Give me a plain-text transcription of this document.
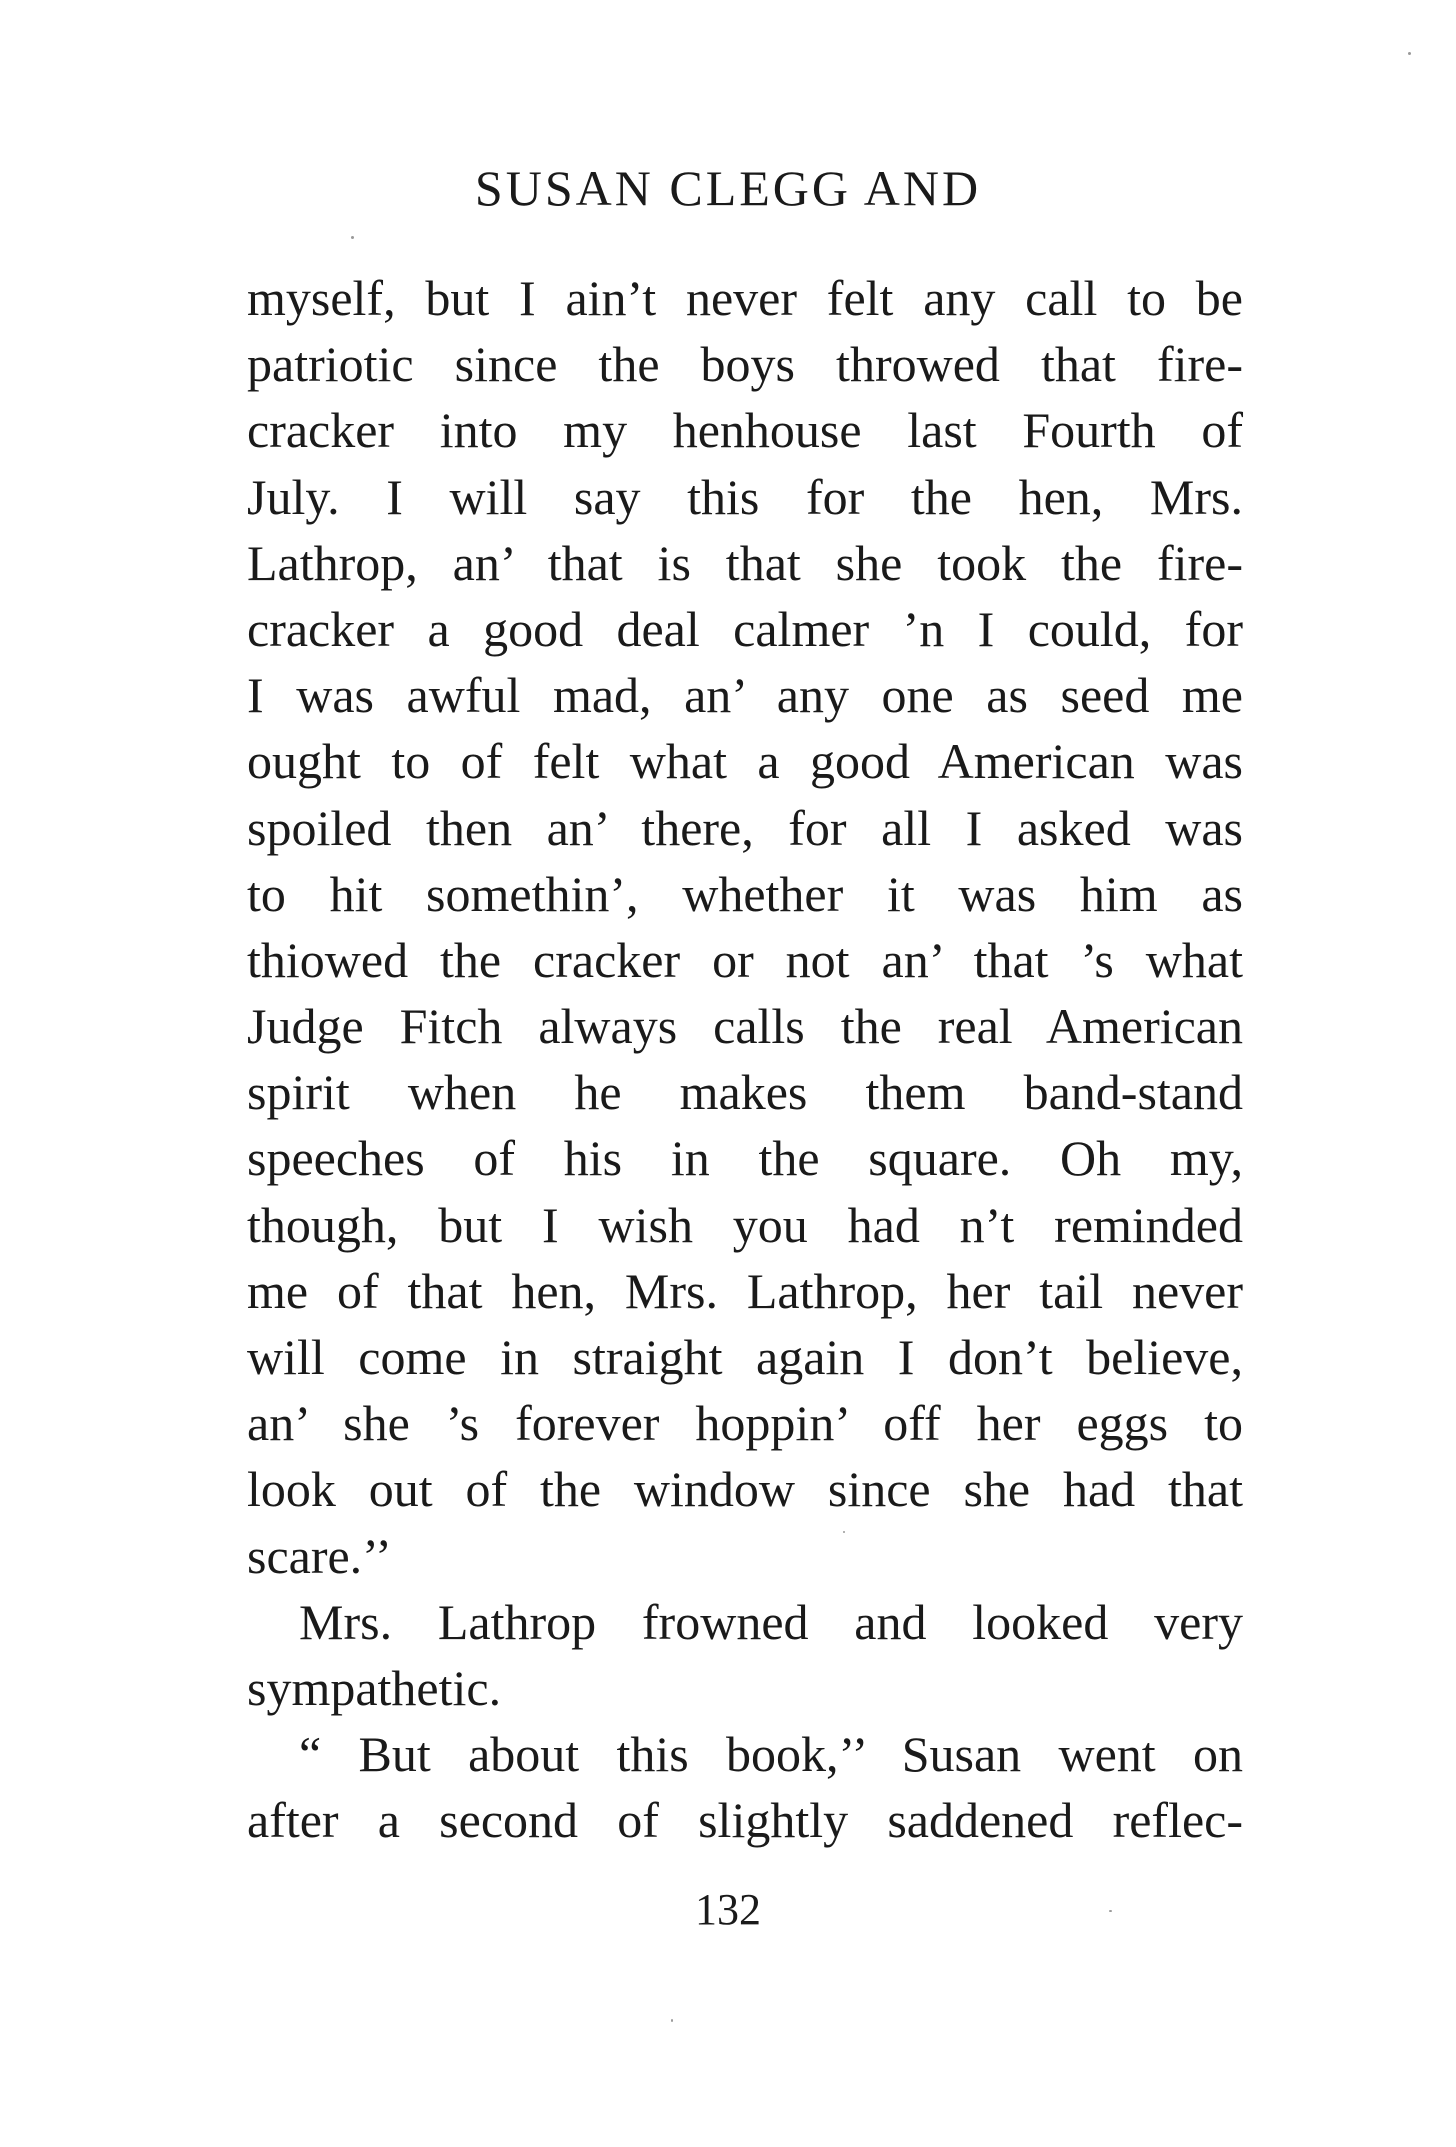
SUSAN CLEGG AND

myself, but I ain’t never felt any call to be
patriotic since the boys throwed that fire-
cracker into my henhouse last Fourth of
July. I will say this for the hen, Mrs.
Lathrop, an’ that is that she took the fire-
cracker a good deal calmer ’n I could, for
I was awful mad, an’ any one as seed me
ought to of felt what a good American was
spoiled then an’ there, for all I asked was
to hit somethin’, whether it was him as
thiowed the cracker or not an’ that ’s what
Judge Fitch always calls the real American
spirit when he makes them band-stand
speeches of his in the square. Oh my,
though, but I wish you had n’t reminded
me of that hen, Mrs. Lathrop, her tail never
will come in straight again I don’t believe,
an’ she ’s forever hoppin’ off her eggs to
look out of the window since she had that
scare.’’
Mrs. Lathrop frowned and looked very
sympathetic.
“ But about this book,’’ Susan went on
after a second of slightly saddened reflec-

132
